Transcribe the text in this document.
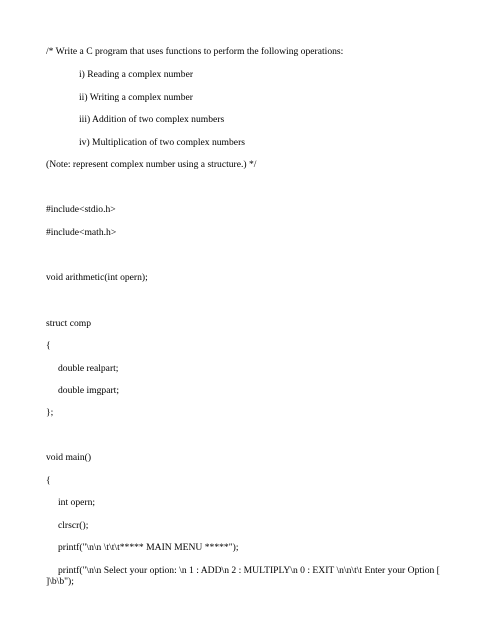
/* Write a C program that uses functions to perform the following operations:
i) Reading a complex number
ii) Writing a complex number
iii) Addition of two complex numbers
iv) Multiplication of two complex numbers
(Note: represent complex number using a structure.) */
#include<stdio.h>
#include<math.h>
void arithmetic(int opern);
struct comp
{
double realpart;
double imgpart;
};
void main()
{
int opern;
clrscr();
printf("\n\n \t\t\t***** MAIN MENU *****");
printf("\n\n Select your option: \n 1 : ADD\n 2 : MULTIPLY\n 0 : EXIT \n\n\t\t Enter your Option [ ]\b\b");
